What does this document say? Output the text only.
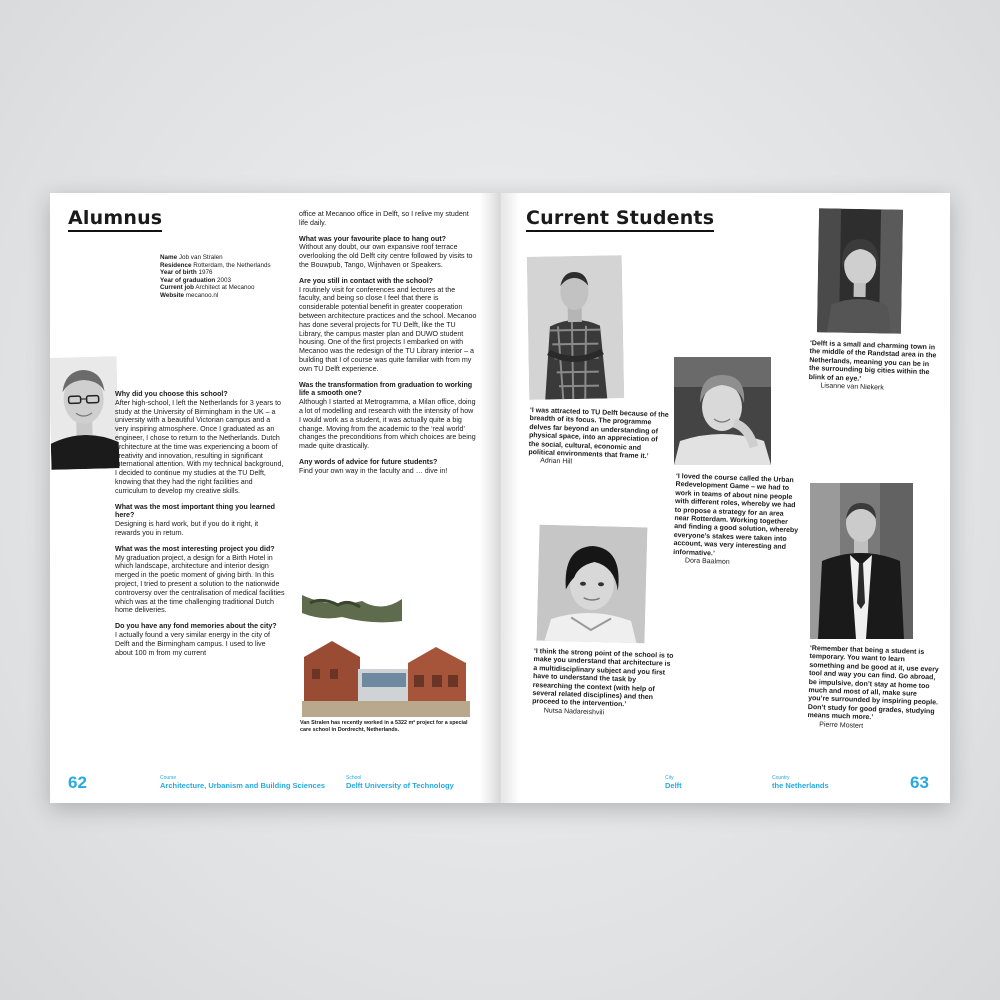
Alumnus
Name Job van Stralen
Residence Rotterdam, the Netherlands
Year of birth 1976
Year of graduation 2003
Current job Architect at Mecanoo
Website mecanoo.nl

Why did you choose this school?

After high-school, I left the Netherlands for 3 years to study at the University of Birmingham in the UK – a university with a beautiful Victorian campus and a very inspiring atmosphere. Once I graduated as an engineer, I chose to return to the Netherlands. Dutch architecture at the time was experiencing a boom of creativity and innovation, resulting in significant international attention. With my technical background, I decided to continue my studies at the TU Delft, knowing that they had the right facilities and curriculum to develop my creative skills.

What was the most important thing you learned here?

Designing is hard work, but if you do it right, it rewards you in return.

What was the most interesting project you did?

My graduation project, a design for a Birth Hotel in which landscape, architecture and interior design merged in the poetic moment of giving birth. In this project, I tried to present a solution to the nationwide controversy over the centralisation of medical facilities which was at the time challenging traditional Dutch home deliveries.

Do you have any fond memories about the city?

I actually found a very similar energy in the city of Delft and the Birmingham campus. I used to live about 100 m from my current

office at Mecanoo office in Delft, so I relive my student life daily.

What was your favourite place to hang out?

Without any doubt, our own expansive roof terrace overlooking the old Delft city centre followed by visits to the Bouwpub, Tango, Wijnhaven or Speakers.

Are you still in contact with the school?

I routinely visit for conferences and lectures at the faculty, and being so close I feel that there is considerable potential benefit in greater cooperation between architecture practices and the school. Mecanoo has done several projects for TU Delft, like the TU Library, the campus master plan and DUWO student housing. One of the first projects I embarked on with Mecanoo was the redesign of the TU Library interior – a building that I of course was quite familiar with from my own TU Delft experience.

Was the transformation from graduation to working life a smooth one?

Although I started at Metrogramma, a Milan office, doing a lot of modelling and research with the intensity of how I would work as a student, it was actually quite a big change. Moving from the academic to the ‘real world’ changes the preconditions from which choices are being made quite drastically.

Any words of advice for future students?

Find your own way in the faculty and … dive in!

Van Stralen has recently worked in a 5322 m² project for a special care school in Dordrecht, Netherlands.
62	Course
Architecture, Urbanism and Building Sciences
School
Delft University of Technology
Current Students
‘I was attracted to TU Delft because of the breadth of its focus. The programme delves far beyond an understanding of physical space, into an appreciation of the social, cultural, economic and political environments that frame it.’
Adrian Hill
‘Delft is a small and charming town in the middle of the Randstad area in the Netherlands, meaning you can be in the surrounding big cities within the blink of an eye.’
Lisanne van Niekerk
‘I loved the course called the Urban Redevelopment Game – we had to work in teams of about nine people with different roles, whereby we had to propose a strategy for an area near Rotterdam. Working together and finding a good solution, whereby everyone’s stakes were taken into account, was very interesting and informative.’
Dora Baalmon
‘I think the strong point of the school is to make you understand that architecture is a multidisciplinary subject and you first have to understand the task by researching the context (with help of several related disciplines) and then proceed to the intervention.’
Nutsa Nadareishvili
‘Remember that being a student is temporary. You want to learn something and be good at it, use every tool and way you can find. Go abroad, be impulsive, don’t stay at home too much and most of all, make sure you’re surrounded by inspiring people. Don’t study for good grades, studying means much more.’
Pierre Mostert
City
Delft
Country
the Netherlands	63
